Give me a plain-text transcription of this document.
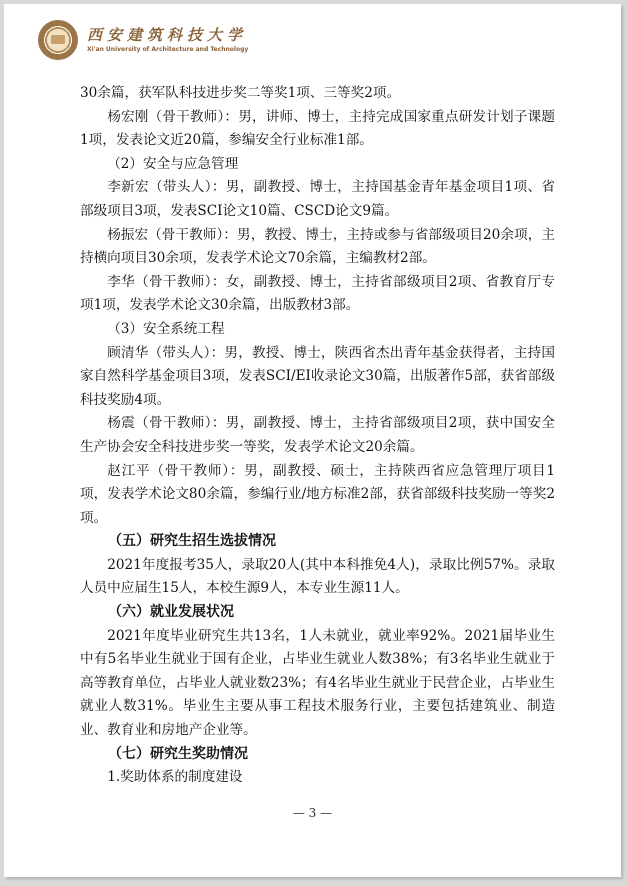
西安建筑科技大学
Xi'an University of Architecture and Technology

30余篇，获军队科技进步奖二等奖1项、三等奖2项。

杨宏刚（骨干教师）：男，讲师、博士，主持完成国家重点研发计划子课题1项，发表论文近20篇，参编安全行业标准1部。

（2）安全与应急管理

李新宏（带头人）：男，副教授、博士，主持国基金青年基金项目1项、省部级项目3项，发表SCI论文10篇、CSCD论文9篇。

杨振宏（骨干教师）：男，教授、博士，主持或参与省部级项目20余项，主持横向项目30余项，发表学术论文70余篇，主编教材2部。

李华（骨干教师）：女，副教授、博士，主持省部级项目2项、省教育厅专项1项，发表学术论文30余篇，出版教材3部。

（3）安全系统工程

顾清华（带头人）：男，教授、博士，陕西省杰出青年基金获得者，主持国家自然科学基金项目3项，发表SCI/EI收录论文30篇，出版著作5部，获省部级科技奖励4项。

杨震（骨干教师）：男，副教授、博士，主持省部级项目2项，获中国安全生产协会安全科技进步奖一等奖，发表学术论文20余篇。

赵江平（骨干教师）：男，副教授、硕士，主持陕西省应急管理厅项目1项，发表学术论文80余篇，参编行业/地方标准2部，获省部级科技奖励一等奖2项。

（五）研究生招生选拔情况

2021年度报考35人，录取20人(其中本科推免4人)，录取比例57%。录取人员中应届生15人，本校生源9人，本专业生源11人。

（六）就业发展状况

2021年度毕业研究生共13名，1人未就业，就业率92%。2021届毕业生中有5名毕业生就业于国有企业，占毕业生就业人数38%；有3名毕业生就业于高等教育单位，占毕业人就业数23%；有4名毕业生就业于民营企业，占毕业生就业人数31%。毕业生主要从事工程技术服务行业，主要包括建筑业、制造业、教育业和房地产企业等。

（七）研究生奖助情况

1.奖助体系的制度建设

— 3 —
